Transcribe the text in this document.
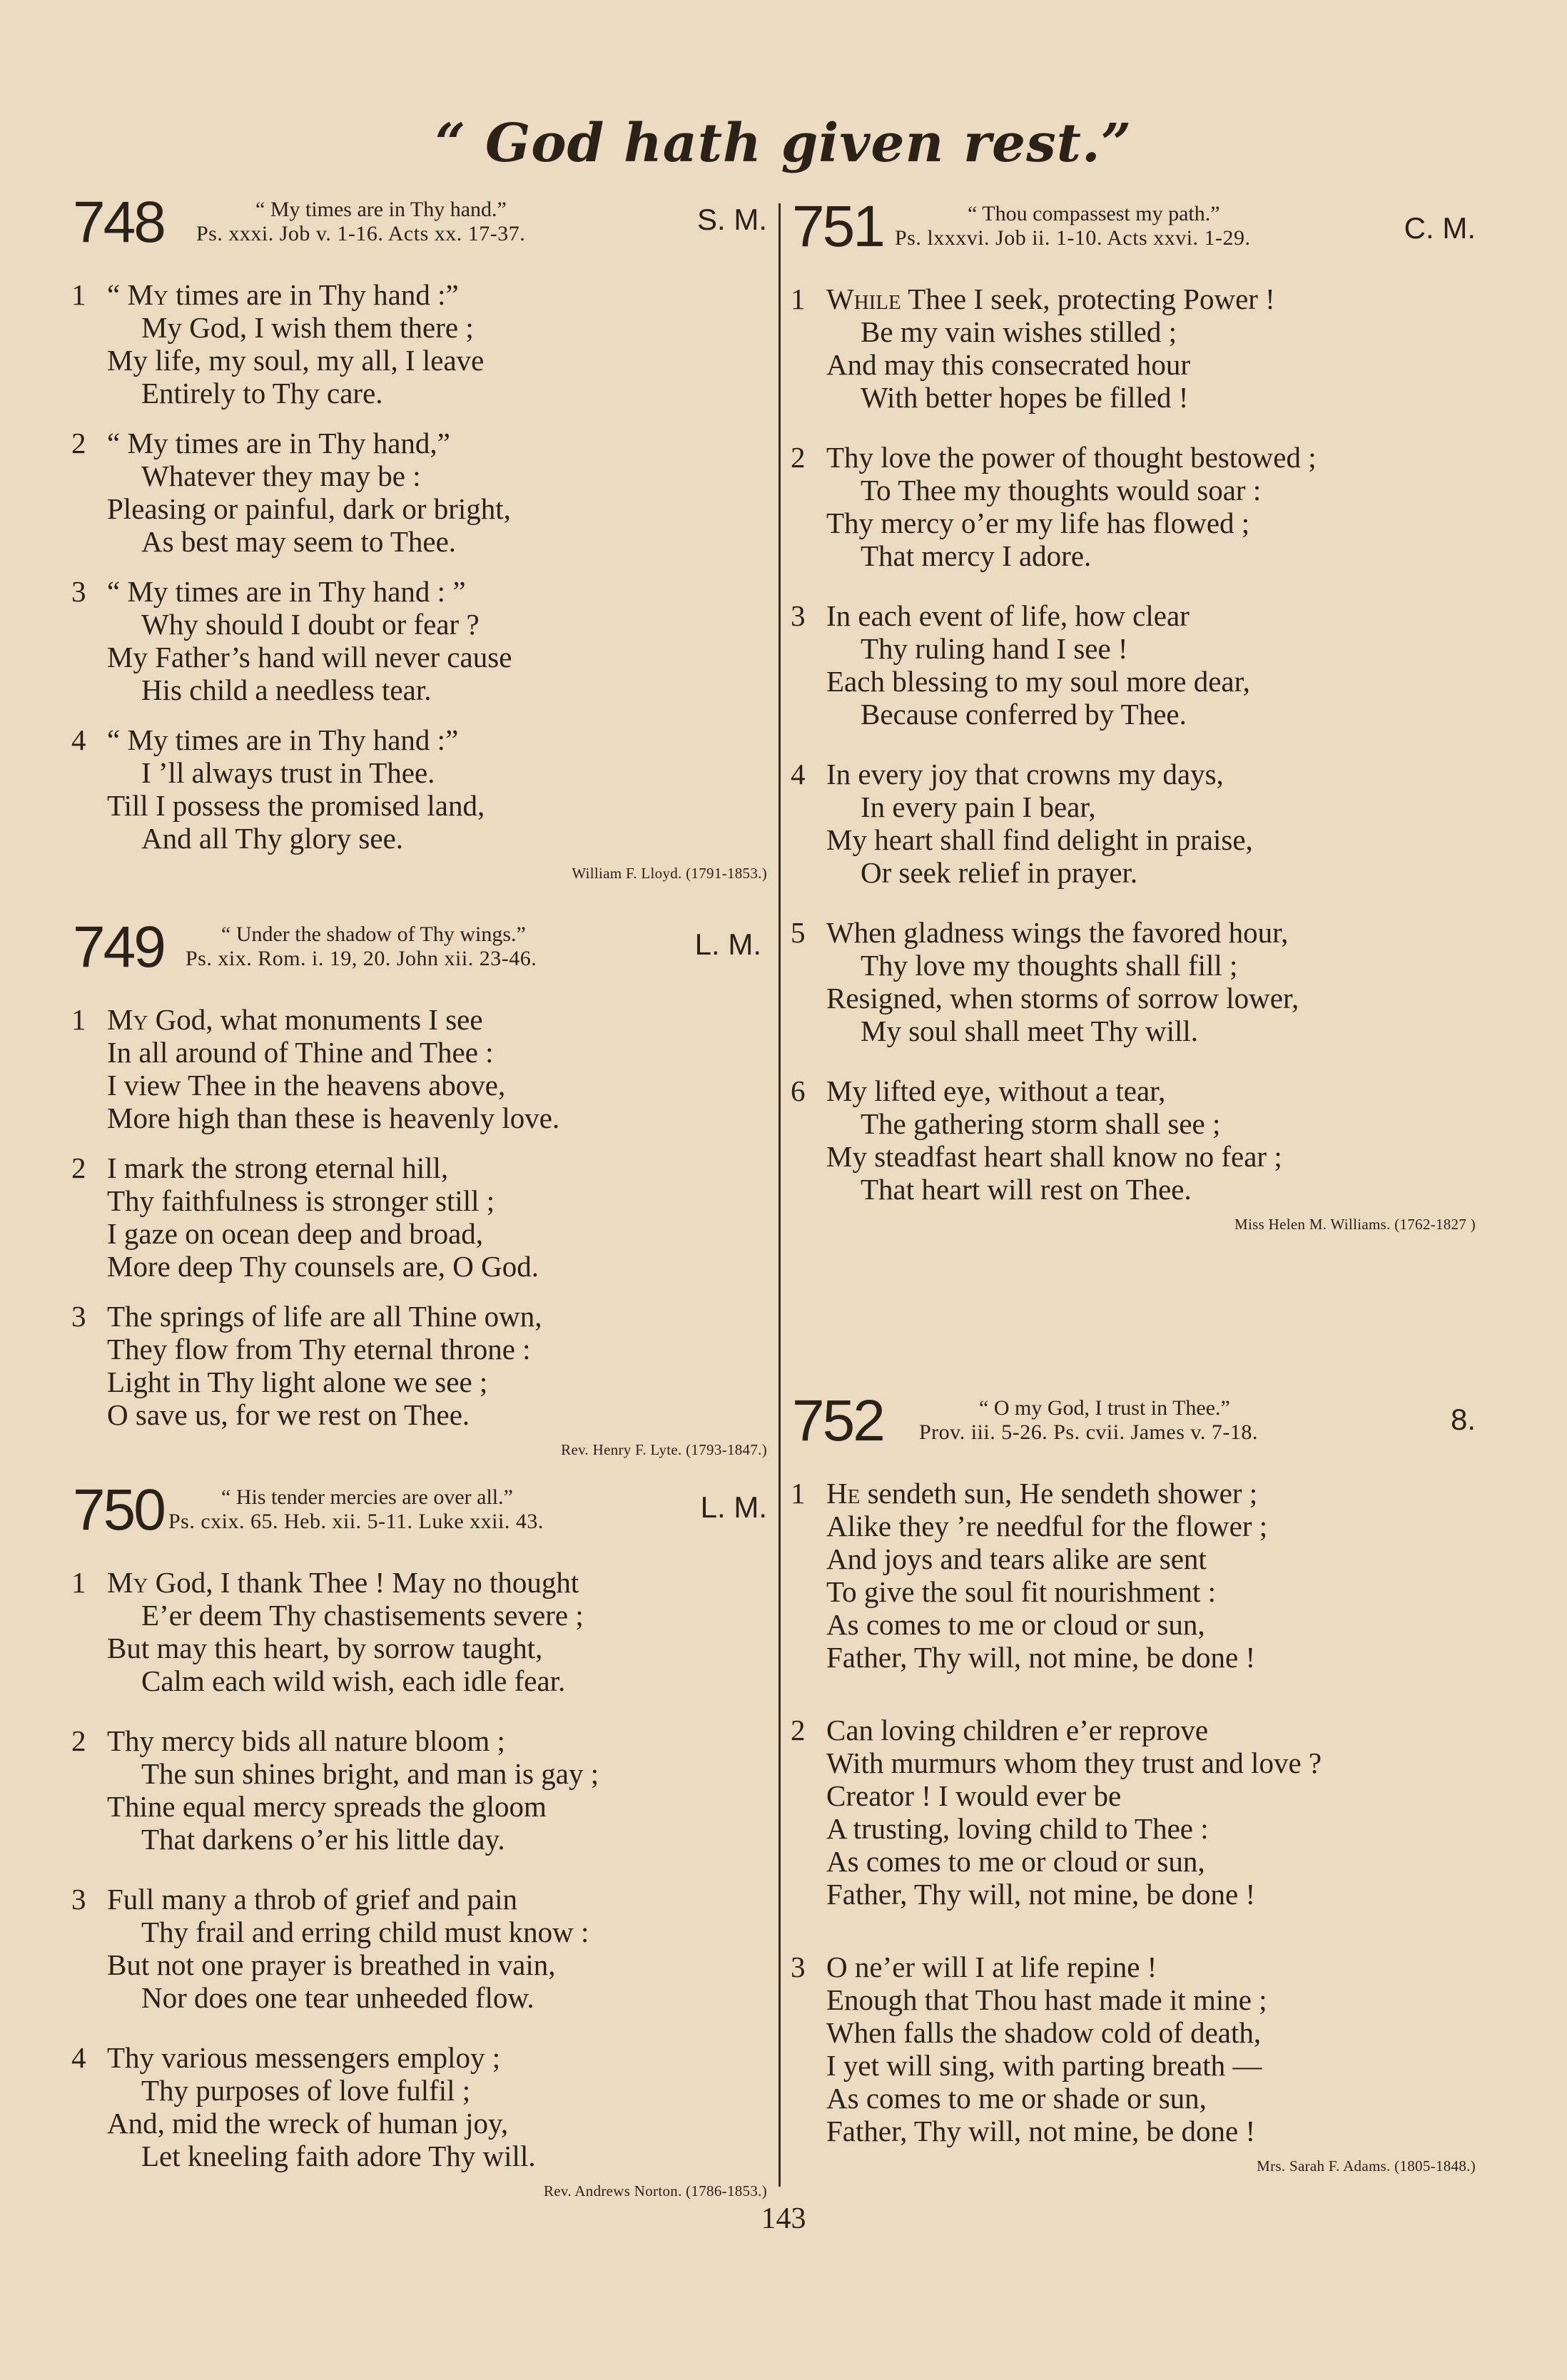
“ God hath given rest.”
748	“ My times are in Thy hand.”
Ps. xxxi. Job v. 1-16. Acts xx. 17-37.	S. M.
1 “ My times are in Thy hand :”
My God, I wish them there ;
My life, my soul, my all, I leave
Entirely to Thy care.
2 “ My times are in Thy hand,”
Whatever they may be :
Pleasing or painful, dark or bright,
As best may seem to Thee.
3 “ My times are in Thy hand : ”
Why should I doubt or fear ?
My Father’s hand will never cause
His child a needless tear.
4 “ My times are in Thy hand :”
I ’ll always trust in Thee.
Till I possess the promised land,
And all Thy glory see.
William F. Lloyd. (1791-1853.)
749	“ Under the shadow of Thy wings.”
Ps. xix. Rom. i. 19, 20. John xii. 23-46.	L. M.
1 My God, what monuments I see
In all around of Thine and Thee :
I view Thee in the heavens above,
More high than these is heavenly love.
2 I mark the strong eternal hill,
Thy faithfulness is stronger still ;
I gaze on ocean deep and broad,
More deep Thy counsels are, O God.
3 The springs of life are all Thine own,
They flow from Thy eternal throne :
Light in Thy light alone we see ;
O save us, for we rest on Thee.
Rev. Henry F. Lyte. (1793-1847.)
750	“ His tender mercies are over all.”
Ps. cxix. 65. Heb. xii. 5-11. Luke xxii. 43.	L. M.
1 My God, I thank Thee ! May no thought
E’er deem Thy chastisements severe ;
But may this heart, by sorrow taught,
Calm each wild wish, each idle fear.
2 Thy mercy bids all nature bloom ;
The sun shines bright, and man is gay ;
Thine equal mercy spreads the gloom
That darkens o’er his little day.
3 Full many a throb of grief and pain
Thy frail and erring child must know :
But not one prayer is breathed in vain,
Nor does one tear unheeded flow.
4 Thy various messengers employ ;
Thy purposes of love fulfil ;
And, mid the wreck of human joy,
Let kneeling faith adore Thy will.
Rev. Andrews Norton. (1786-1853.)
751	“ Thou compassest my path.”
Ps. lxxxvi. Job ii. 1-10. Acts xxvi. 1-29.	C. M.
1 While Thee I seek, protecting Power !
Be my vain wishes stilled ;
And may this consecrated hour
With better hopes be filled !
2 Thy love the power of thought bestowed ;
To Thee my thoughts would soar :
Thy mercy o’er my life has flowed ;
That mercy I adore.
3 In each event of life, how clear
Thy ruling hand I see !
Each blessing to my soul more dear,
Because conferred by Thee.
4 In every joy that crowns my days,
In every pain I bear,
My heart shall find delight in praise,
Or seek relief in prayer.
5 When gladness wings the favored hour,
Thy love my thoughts shall fill ;
Resigned, when storms of sorrow lower,
My soul shall meet Thy will.
6 My lifted eye, without a tear,
The gathering storm shall see ;
My steadfast heart shall know no fear ;
That heart will rest on Thee.
Miss Helen M. Williams. (1762-1827 )
752	“ O my God, I trust in Thee.”
Prov. iii. 5-26. Ps. cvii. James v. 7-18.	8.
1 He sendeth sun, He sendeth shower ;
Alike they ’re needful for the flower ;
And joys and tears alike are sent
To give the soul fit nourishment :
As comes to me or cloud or sun,
Father, Thy will, not mine, be done !
2 Can loving children e’er reprove
With murmurs whom they trust and love ?
Creator ! I would ever be
A trusting, loving child to Thee :
As comes to me or cloud or sun,
Father, Thy will, not mine, be done !
3 O ne’er will I at life repine !
Enough that Thou hast made it mine ;
When falls the shadow cold of death,
I yet will sing, with parting breath —
As comes to me or shade or sun,
Father, Thy will, not mine, be done !
Mrs. Sarah F. Adams. (1805-1848.)
143
